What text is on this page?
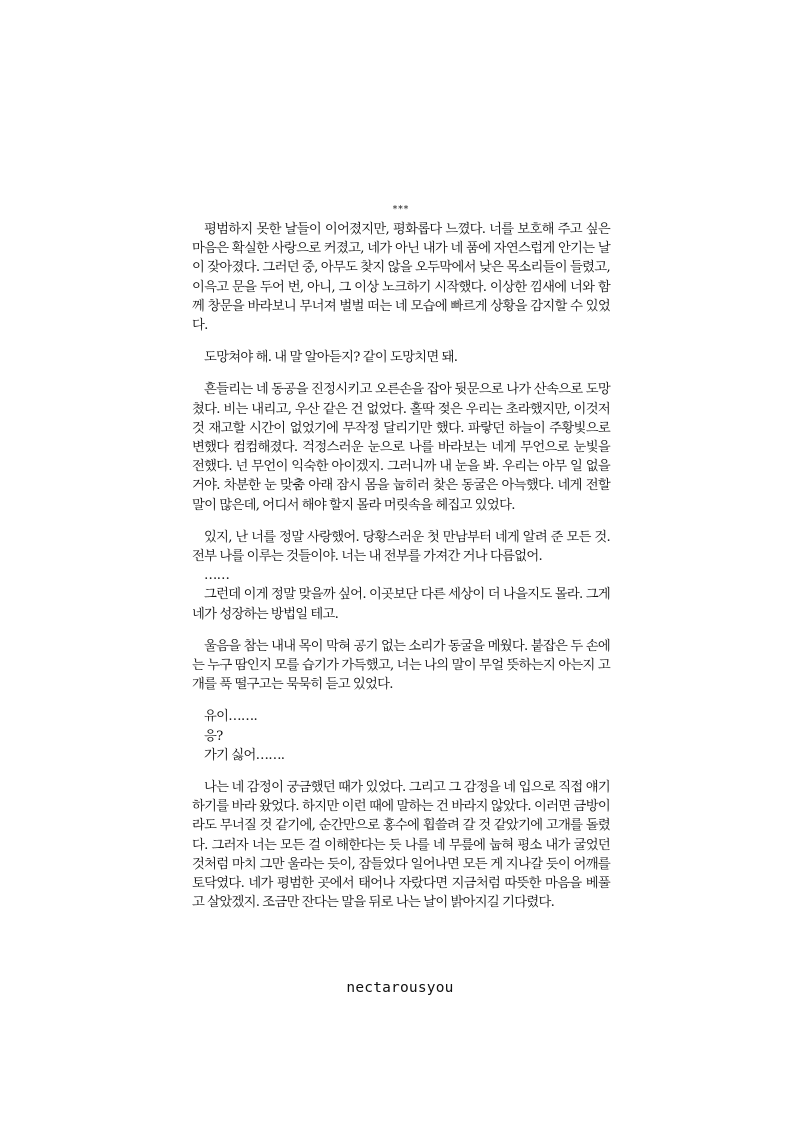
***

평범하지 못한 날들이 이어졌지만, 평화롭다 느꼈다. 너를 보호해 주고 싶은 마음은 확실한 사랑으로 커졌고, 네가 아닌 내가 네 품에 자연스럽게 안기는 날이 잦아졌다. 그러던 중, 아무도 찾지 않을 오두막에서 낮은 목소리들이 들렸고, 이윽고 문을 두어 번, 아니, 그 이상 노크하기 시작했다. 이상한 낌새에 너와 함께 창문을 바라보니 무너져 벌벌 떠는 네 모습에 빠르게 상황을 감지할 수 있었다.

도망쳐야 해. 내 말 알아듣지? 같이 도망치면 돼.

흔들리는 네 동공을 진정시키고 오른손을 잡아 뒷문으로 나가 산속으로 도망쳤다. 비는 내리고, 우산 같은 건 없었다. 홀딱 젖은 우리는 초라했지만, 이것저것 재고할 시간이 없었기에 무작정 달리기만 했다. 파랗던 하늘이 주황빛으로 변했다 컴컴해졌다. 걱정스러운 눈으로 나를 바라보는 네게 무언으로 눈빛을 전했다. 넌 무언이 익숙한 아이겠지. 그러니까 내 눈을 봐. 우리는 아무 일 없을 거야. 차분한 눈 맞춤 아래 잠시 몸을 눕히러 찾은 동굴은 아늑했다. 네게 전할 말이 많은데, 어디서 해야 할지 몰라 머릿속을 헤집고 있었다.

있지, 난 너를 정말 사랑했어. 당황스러운 첫 만남부터 네게 알려 준 모든 것. 전부 나를 이루는 것들이야. 너는 내 전부를 가져간 거나 다름없어.

……

그런데 이게 정말 맞을까 싶어. 이곳보단 다른 세상이 더 나을지도 몰라. 그게 네가 성장하는 방법일 테고.

울음을 참는 내내 목이 막혀 공기 없는 소리가 동굴을 메웠다. 붙잡은 두 손에는 누구 땀인지 모를 습기가 가득했고, 너는 나의 말이 무얼 뜻하는지 아는지 고개를 푹 떨구고는 묵묵히 듣고 있었다.

유이…….

응?

가기 싫어…….

나는 네 감정이 궁금했던 때가 있었다. 그리고 그 감정을 네 입으로 직접 얘기하기를 바라 왔었다. 하지만 이런 때에 말하는 건 바라지 않았다. 이러면 금방이라도 무너질 것 같기에, 순간만으로 홍수에 휩쓸려 갈 것 같았기에 고개를 돌렸다. 그러자 너는 모든 걸 이해한다는 듯 나를 네 무릎에 눕혀 평소 내가 굴었던 것처럼 마치 그만 울라는 듯이, 잠들었다 일어나면 모든 게 지나갈 듯이 어깨를 토닥였다. 네가 평범한 곳에서 태어나 자랐다면 지금처럼 따뜻한 마음을 베풀고 살았겠지. 조금만 잔다는 말을 뒤로 나는 날이 밝아지길 기다렸다.

nectarousyou
